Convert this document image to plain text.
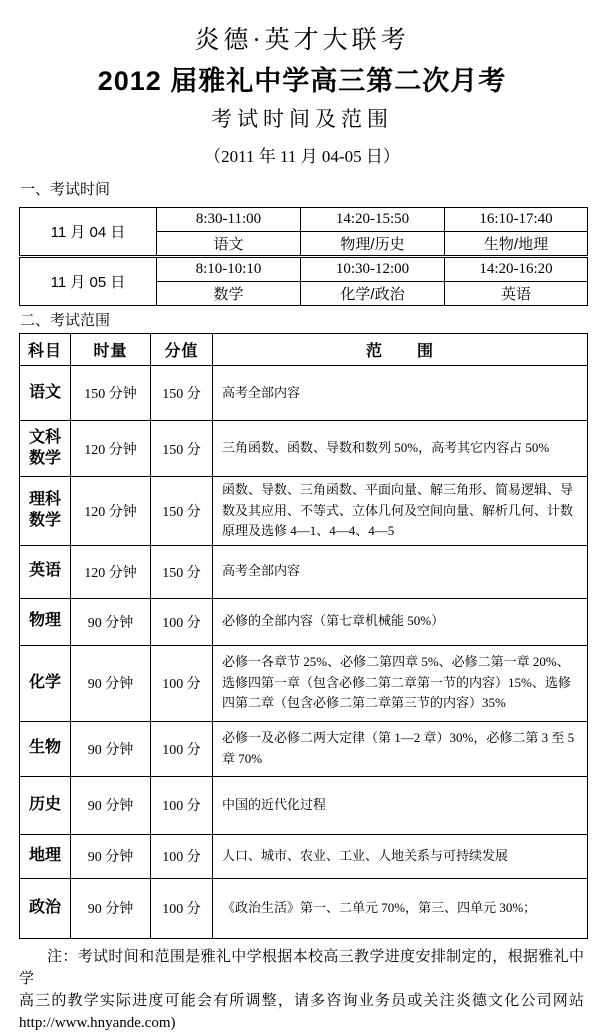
炎德·英才大联考
2012 届雅礼中学高三第二次月考
考试时间及范围
（2011 年 11 月 04-05 日）
一、考试时间
11 月 04 日	8:30-11:00	14:20-15:50	16:10-17:40
	语文	物理/历史	生物/地理
11 月 05 日	8:10-10:10	10:30-12:00	14:20-16:20
	数学	化学/政治	英语
二、考试范围
科目	时量	分值	范　　围
语文	150 分钟	150 分	高考全部内容
文科数学	120 分钟	150 分	三角函数、函数、导数和数列 50%，高考其它内容占 50%
理科数学	120 分钟	150 分	函数、导数、三角函数、平面向量、解三角形、简易逻辑、导数及其应用、不等式、立体几何及空间向量、解析几何、计数原理及选修 4—1、4—4、4—5
英语	120 分钟	150 分	高考全部内容
物理	90 分钟	100 分	必修的全部内容（第七章机械能 50%）
化学	90 分钟	100 分	必修一各章节 25%、必修二第四章 5%、必修二第一章 20%、选修四第一章（包含必修二第二章第一节的内容）15%、选修四第二章（包含必修二第二章第三节的内容）35%
生物	90 分钟	100 分	必修一及必修二两大定律（第 1—2 章）30%，必修二第 3 至 5 章 70%
历史	90 分钟	100 分	中国的近代化过程
地理	90 分钟	100 分	人口、城市、农业、工业、人地关系与可持续发展
政治	90 分钟	100 分	《政治生活》第一、二单元 70%，第三、四单元 30%；
注：考试时间和范围是雅礼中学根据本校高三教学进度安排制定的，根据雅礼中学
高三的教学实际进度可能会有所调整，请多咨询业务员或关注炎德文化公司网站
http://www.hnyande.com)
